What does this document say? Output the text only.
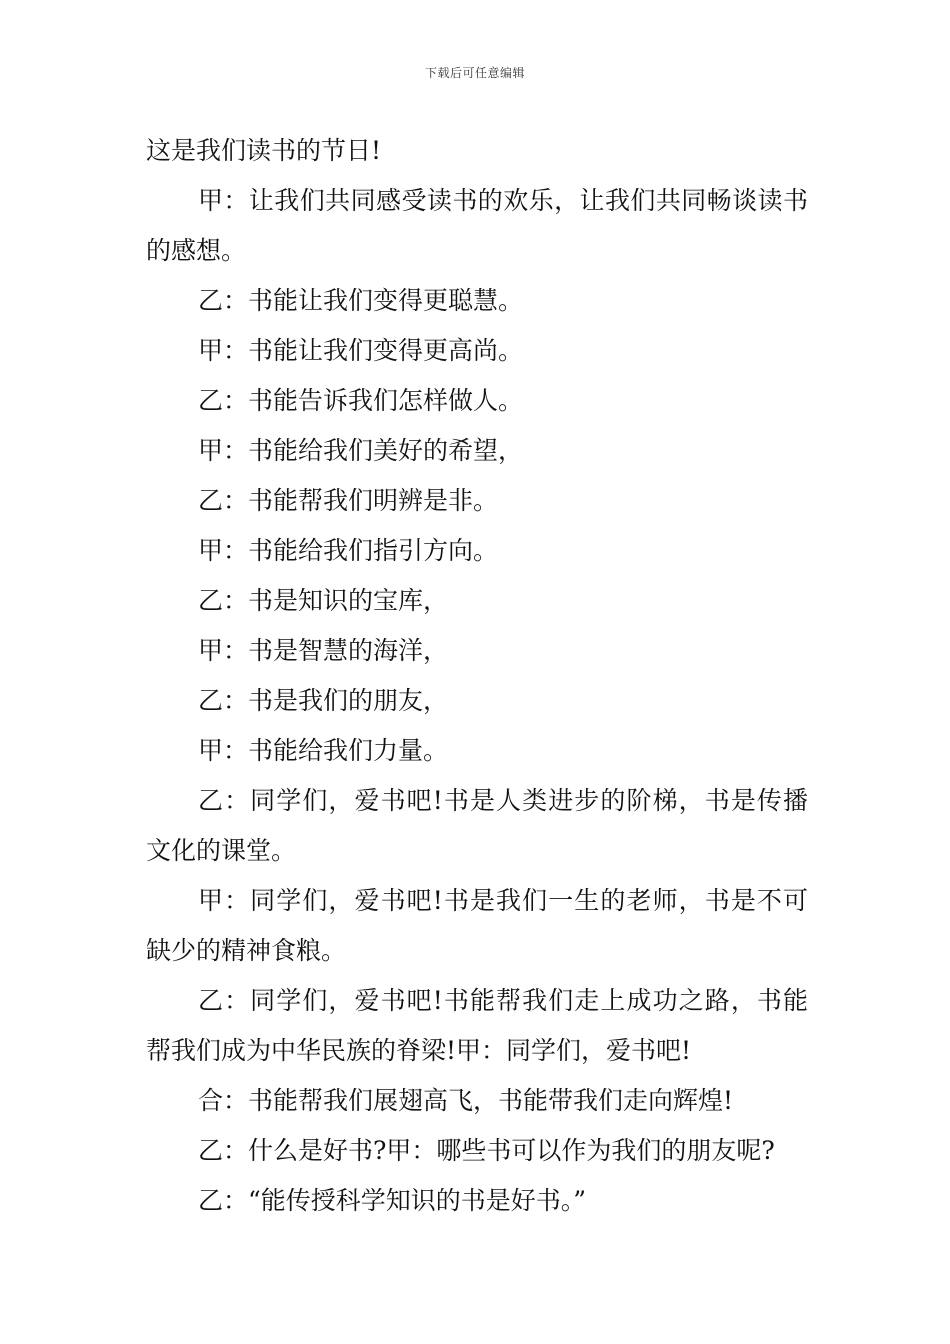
下载后可任意编辑

这是我们读书的节日!

甲：让我们共同感受读书的欢乐，让我们共同畅谈读书的感想。

乙：书能让我们变得更聪慧。

甲：书能让我们变得更高尚。

乙：书能告诉我们怎样做人。

甲：书能给我们美好的希望，

乙：书能帮我们明辨是非。

甲：书能给我们指引方向。

乙：书是知识的宝库，

甲：书是智慧的海洋，

乙：书是我们的朋友，

甲：书能给我们力量。

乙：同学们，爱书吧!书是人类进步的阶梯，书是传播文化的课堂。

甲：同学们，爱书吧!书是我们一生的老师，书是不可缺少的精神食粮。

乙：同学们，爱书吧!书能帮我们走上成功之路，书能帮我们成为中华民族的脊梁!甲：同学们，爱书吧!

合：书能帮我们展翅高飞，书能带我们走向辉煌!

乙：什么是好书?甲：哪些书可以作为我们的朋友呢?

乙：“能传授科学知识的书是好书。”
